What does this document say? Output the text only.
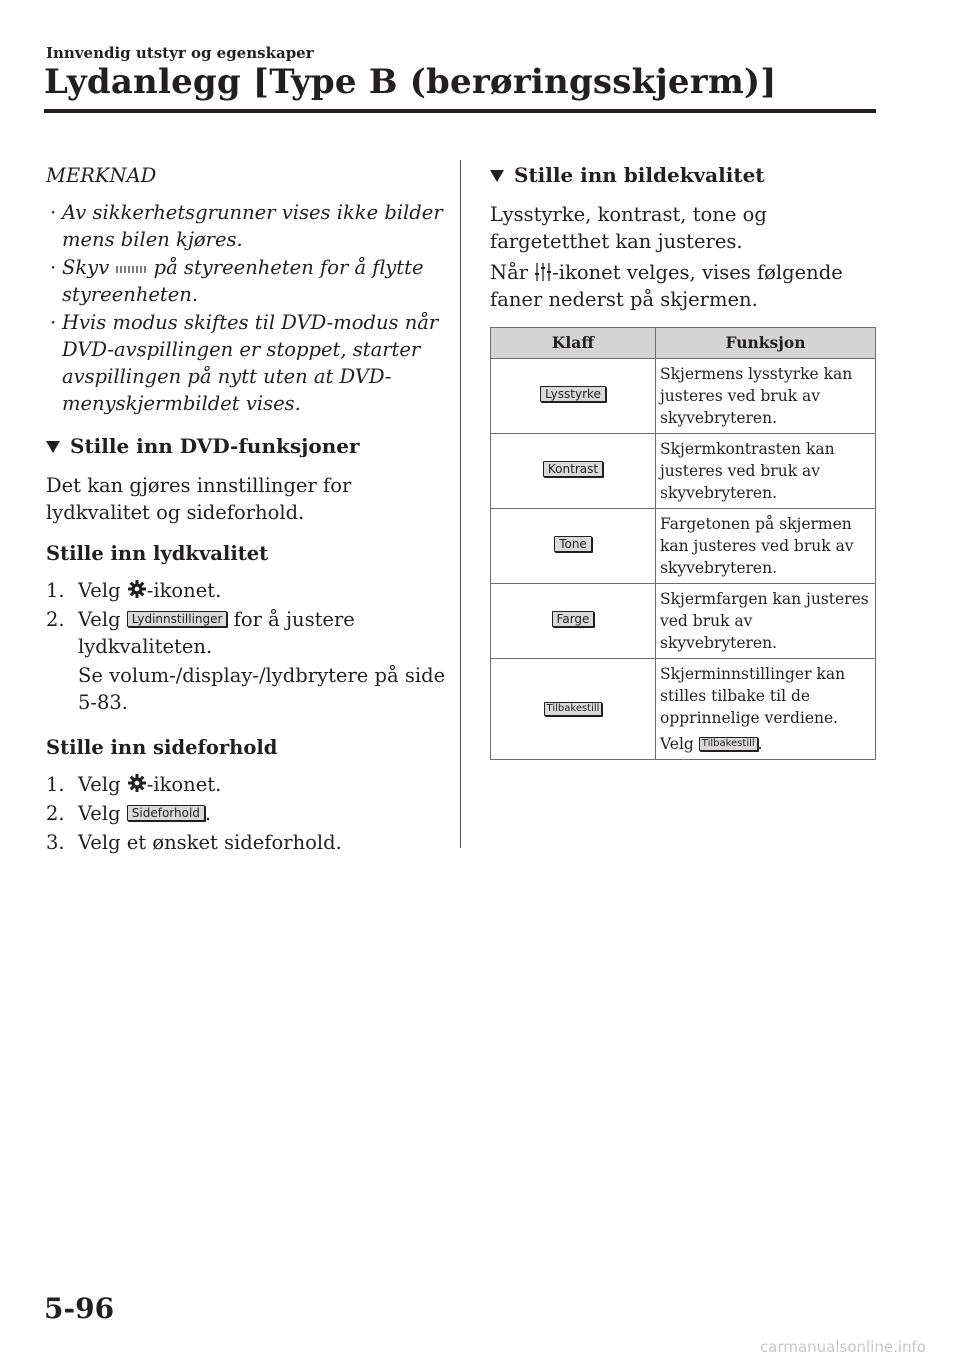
Innvendig utstyr og egenskaper
Lydanlegg [Type B (berøringsskjerm)]
MERKNAD
· Av sikkerhetsgrunner vises ikke bilder mens bilen kjøres.
· Skyv på styreenheten for å flytte styreenheten.
· Hvis modus skiftes til DVD-modus når DVD-avspillingen er stoppet, starter avspillingen på nytt uten at DVD-menyskjermbildet vises.
Stille inn DVD-funksjoner

Det kan gjøres innstillinger for lydkvalitet og sideforhold.

Stille inn lydkvalitet
1. Velg -ikonet.
2. Velg Lydinnstillinger for å justere lydkvaliteten.
Se volum-/display-/lydbrytere på side 5-83.
Stille inn sideforhold
1. Velg -ikonet.
2. Velg Sideforhold .
3. Velg et ønsket sideforhold.
Stille inn bildekvalitet

Lysstyrke, kontrast, tone og fargetetthet kan justeres.

Når -ikonet velges, vises følgende faner nederst på skjermen.

Klaff	Funksjon
Lysstyrke	Skjermens lysstyrke kan justeres ved bruk av skyvebryteren.
Kontrast	Skjermkontrasten kan justeres ved bruk av skyvebryteren.
Tone	Fargetonen på skjermen kan justeres ved bruk av skyvebryteren.
Farge	Skjermfargen kan justeres ved bruk av skyvebryteren.
Tilbakestill	Skjerminnstillinger kan stilles tilbake til de opprinnelige verdiene.
Velg Tilbakestill .
5-96
carmanualsonline.info
